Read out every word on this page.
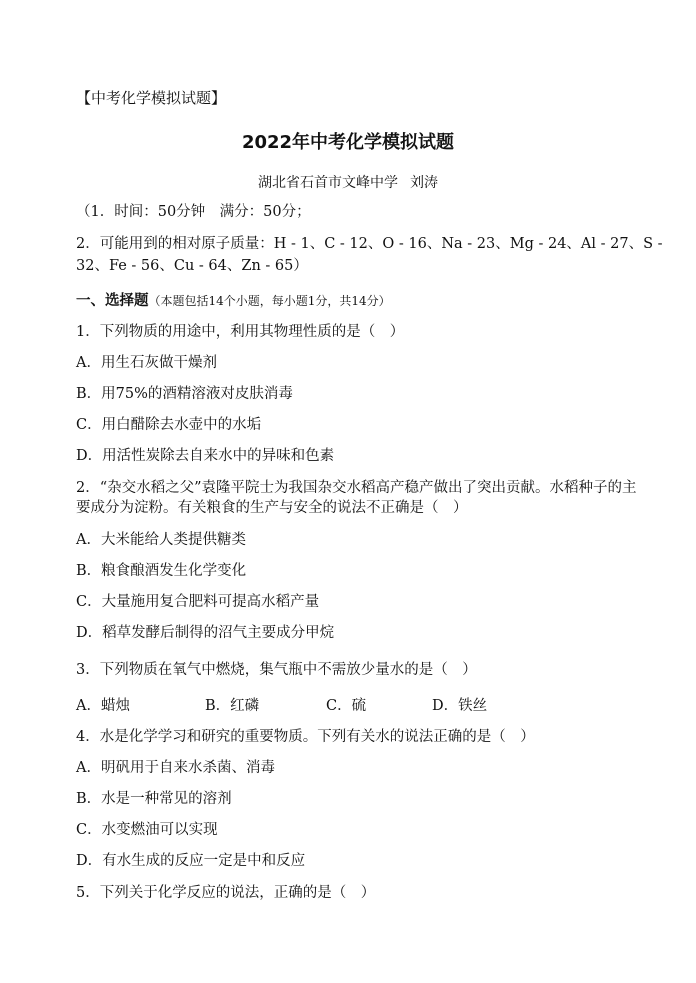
【中考化学模拟试题】
2022年中考化学模拟试题
湖北省石首市文峰中学 刘涛
（1．时间：50分钟　满分：50分；
2．可能用到的相对原子质量：H - 1、C - 12、O - 16、Na - 23、Mg - 24、Al - 27、S -
32、Fe - 56、Cu - 64、Zn - 65）
一、选择题（本题包括14个小题，每小题1分，共14分）
1．下列物质的用途中，利用其物理性质的是（　）
A．用生石灰做干燥剂
B．用75%的酒精溶液对皮肤消毒
C．用白醋除去水壶中的水垢
D．用活性炭除去自来水中的异味和色素
2．“杂交水稻之父”袁隆平院士为我国杂交水稻高产稳产做出了突出贡献。水稻种子的主
要成分为淀粉。有关粮食的生产与安全的说法不正确是（　）
A．大米能给人类提供糖类
B．粮食酿酒发生化学变化
C．大量施用复合肥料可提高水稻产量
D．稻草发酵后制得的沼气主要成分甲烷
3．下列物质在氧气中燃烧，集气瓶中不需放少量水的是（　）
A．蜡烛	B．红磷	C．硫	D．铁丝
4．水是化学学习和研究的重要物质。下列有关水的说法正确的是（　）
A．明矾用于自来水杀菌、消毒
B．水是一种常见的溶剂
C．水变燃油可以实现
D．有水生成的反应一定是中和反应
5．下列关于化学反应的说法，正确的是（　）
